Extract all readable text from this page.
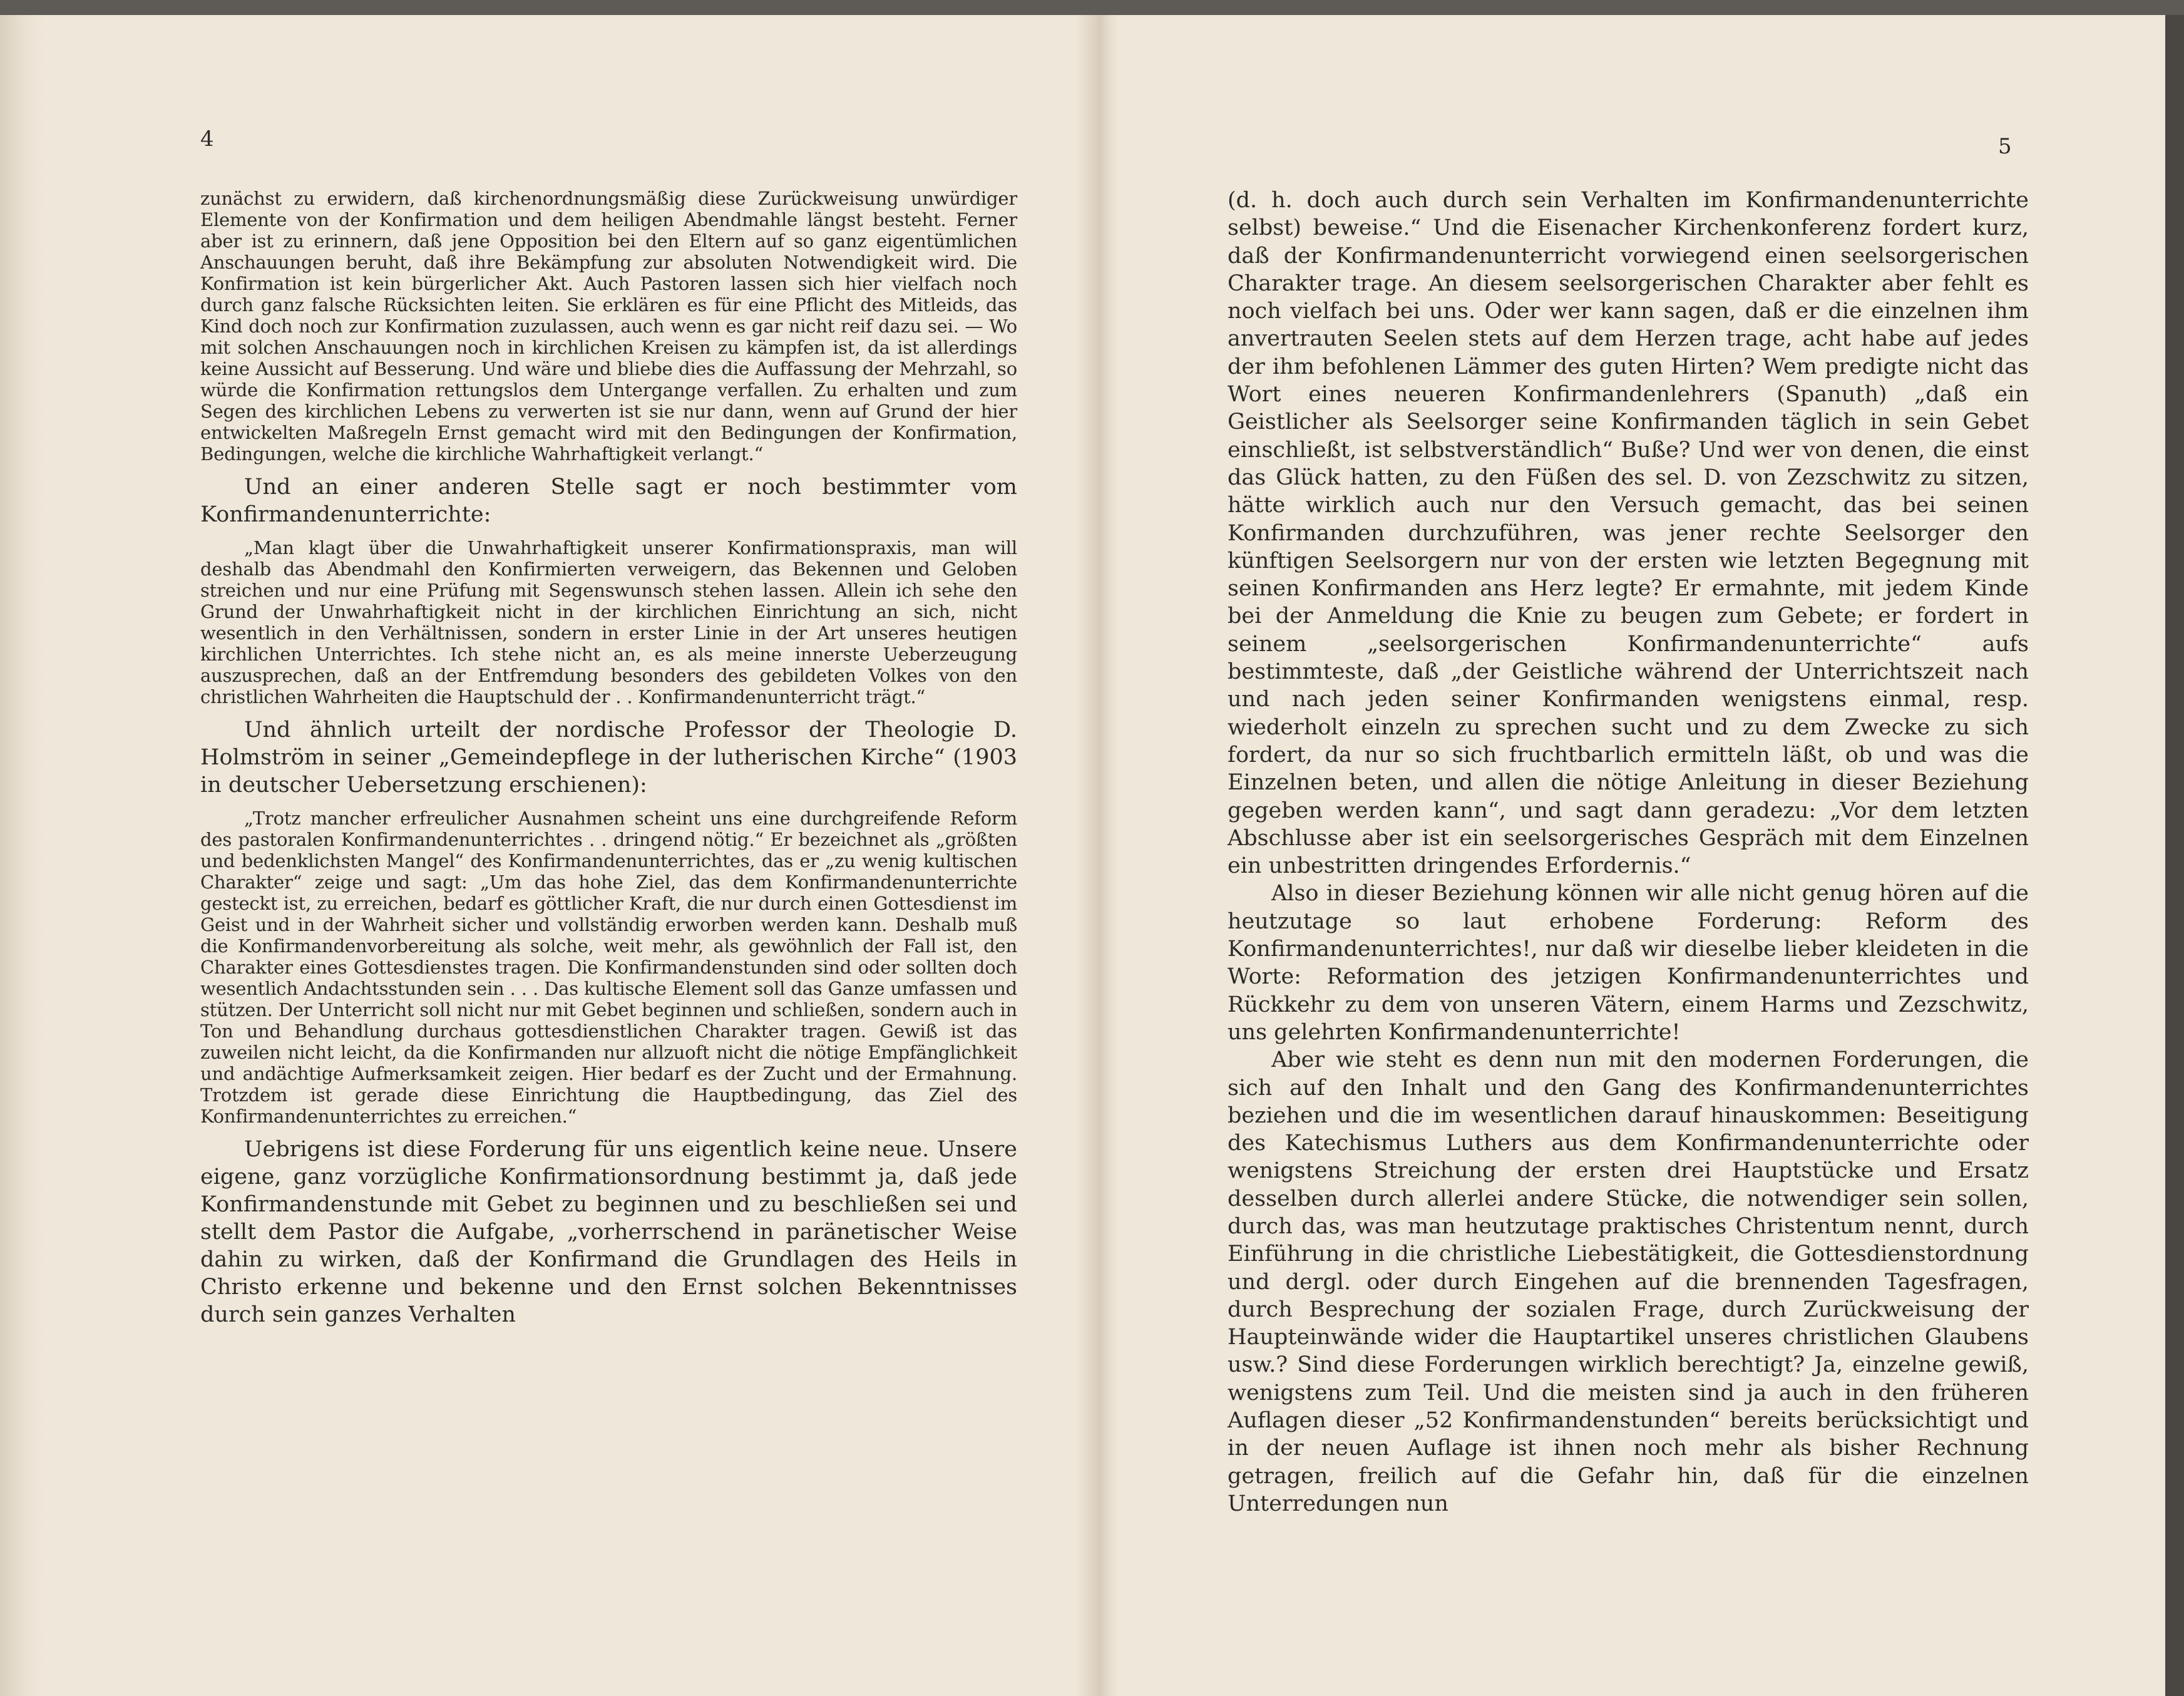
4

zunächst zu erwidern, daß kirchenordnungsmäßig diese Zurückweisung unwürdiger Elemente von der Konfirmation und dem heiligen Abendmahle längst besteht. Ferner aber ist zu erinnern, daß jene Opposition bei den Eltern auf so ganz eigentümlichen Anschauungen beruht, daß ihre Bekämpfung zur absoluten Notwendigkeit wird. Die Konfirmation ist kein bürgerlicher Akt. Auch Pastoren lassen sich hier vielfach noch durch ganz falsche Rücksichten leiten. Sie erklären es für eine Pflicht des Mitleids, das Kind doch noch zur Konfirmation zuzulassen, auch wenn es gar nicht reif dazu sei. — Wo mit solchen Anschauungen noch in kirchlichen Kreisen zu kämpfen ist, da ist allerdings keine Aussicht auf Besserung. Und wäre und bliebe dies die Auffassung der Mehrzahl, so würde die Konfirmation rettungslos dem Untergange verfallen. Zu erhalten und zum Segen des kirchlichen Lebens zu verwerten ist sie nur dann, wenn auf Grund der hier entwickelten Maßregeln Ernst gemacht wird mit den Bedingungen der Konfirmation, Bedingungen, welche die kirchliche Wahrhaftigkeit verlangt.“

Und an einer anderen Stelle sagt er noch bestimmter vom Konfirmandenunterrichte:

„Man klagt über die Unwahrhaftigkeit unserer Konfirmationspraxis, man will deshalb das Abendmahl den Konfirmierten verweigern, das Bekennen und Geloben streichen und nur eine Prüfung mit Segenswunsch stehen lassen. Allein ich sehe den Grund der Unwahrhaftigkeit nicht in der kirchlichen Einrichtung an sich, nicht wesentlich in den Verhältnissen, sondern in erster Linie in der Art unseres heutigen kirchlichen Unterrichtes. Ich stehe nicht an, es als meine innerste Ueberzeugung auszusprechen, daß an der Entfremdung besonders des gebildeten Volkes von den christlichen Wahrheiten die Hauptschuld der . . Konfirmandenunterricht trägt.“

Und ähnlich urteilt der nordische Professor der Theologie D. Holmström in seiner „Gemeindepflege in der lutherischen Kirche“ (1903 in deutscher Uebersetzung erschienen):

„Trotz mancher erfreulicher Ausnahmen scheint uns eine durchgreifende Reform des pastoralen Konfirmandenunterrichtes . . dringend nötig.“ Er bezeichnet als „größten und bedenklichsten Mangel“ des Konfirmandenunterrichtes, das er „zu wenig kultischen Charakter“ zeige und sagt: „Um das hohe Ziel, das dem Konfirmandenunterrichte gesteckt ist, zu erreichen, bedarf es göttlicher Kraft, die nur durch einen Gottesdienst im Geist und in der Wahrheit sicher und vollständig erworben werden kann. Deshalb muß die Konfirmandenvorbereitung als solche, weit mehr, als gewöhnlich der Fall ist, den Charakter eines Gottesdienstes tragen. Die Konfirmandenstunden sind oder sollten doch wesentlich Andachtsstunden sein . . . Das kultische Element soll das Ganze umfassen und stützen. Der Unterricht soll nicht nur mit Gebet beginnen und schließen, sondern auch in Ton und Behandlung durchaus gottesdienstlichen Charakter tragen. Gewiß ist das zuweilen nicht leicht, da die Konfirmanden nur allzuoft nicht die nötige Empfänglichkeit und andächtige Aufmerksamkeit zeigen. Hier bedarf es der Zucht und der Ermahnung. Trotzdem ist gerade diese Einrichtung die Hauptbedingung, das Ziel des Konfirmandenunterrichtes zu erreichen.“

Uebrigens ist diese Forderung für uns eigentlich keine neue. Unsere eigene, ganz vorzügliche Konfirmationsordnung bestimmt ja, daß jede Konfirmandenstunde mit Gebet zu beginnen und zu beschließen sei und stellt dem Pastor die Aufgabe, „vorherrschend in paränetischer Weise dahin zu wirken, daß der Konfirmand die Grundlagen des Heils in Christo erkenne und bekenne und den Ernst solchen Bekenntnisses durch sein ganzes Verhalten

5

(d. h. doch auch durch sein Verhalten im Konfirmandenunterrichte selbst) beweise.“ Und die Eisenacher Kirchenkonferenz fordert kurz, daß der Konfirmandenunterricht vorwiegend einen seelsorgerischen Charakter trage. An diesem seelsorgerischen Charakter aber fehlt es noch vielfach bei uns. Oder wer kann sagen, daß er die einzelnen ihm anvertrauten Seelen stets auf dem Herzen trage, acht habe auf jedes der ihm befohlenen Lämmer des guten Hirten? Wem predigte nicht das Wort eines neueren Konfirmandenlehrers (Spanuth) „daß ein Geistlicher als Seelsorger seine Konfirmanden täglich in sein Gebet einschließt, ist selbstverständlich“ Buße? Und wer von denen, die einst das Glück hatten, zu den Füßen des sel. D. von Zezschwitz zu sitzen, hätte wirklich auch nur den Versuch gemacht, das bei seinen Konfirmanden durchzuführen, was jener rechte Seelsorger den künftigen Seelsorgern nur von der ersten wie letzten Begegnung mit seinen Konfirmanden ans Herz legte? Er ermahnte, mit jedem Kinde bei der Anmeldung die Knie zu beugen zum Gebete; er fordert in seinem „seelsorgerischen Konfirmandenunterrichte“ aufs bestimmteste, daß „der Geistliche während der Unterrichtszeit nach und nach jeden seiner Konfirmanden wenigstens einmal, resp. wiederholt einzeln zu sprechen sucht und zu dem Zwecke zu sich fordert, da nur so sich fruchtbarlich ermitteln läßt, ob und was die Einzelnen beten, und allen die nötige Anleitung in dieser Beziehung gegeben werden kann“, und sagt dann geradezu: „Vor dem letzten Abschlusse aber ist ein seelsorgerisches Gespräch mit dem Einzelnen ein unbestritten dringendes Erfordernis.“

Also in dieser Beziehung können wir alle nicht genug hören auf die heutzutage so laut erhobene Forderung: Reform des Konfirmandenunterrichtes!, nur daß wir dieselbe lieber kleideten in die Worte: Reformation des jetzigen Konfirmandenunterrichtes und Rückkehr zu dem von unseren Vätern, einem Harms und Zezschwitz, uns gelehrten Konfirmandenunterrichte!

Aber wie steht es denn nun mit den modernen Forderungen, die sich auf den Inhalt und den Gang des Konfirmandenunterrichtes beziehen und die im wesentlichen darauf hinauskommen: Beseitigung des Katechismus Luthers aus dem Konfirmandenunterrichte oder wenigstens Streichung der ersten drei Hauptstücke und Ersatz desselben durch allerlei andere Stücke, die notwendiger sein sollen, durch das, was man heutzutage praktisches Christentum nennt, durch Einführung in die christliche Liebestätigkeit, die Gottesdienstordnung und dergl. oder durch Eingehen auf die brennenden Tagesfragen, durch Besprechung der sozialen Frage, durch Zurückweisung der Haupteinwände wider die Hauptartikel unseres christlichen Glaubens usw.? Sind diese Forderungen wirklich berechtigt? Ja, einzelne gewiß, wenigstens zum Teil. Und die meisten sind ja auch in den früheren Auflagen dieser „52 Konfirmandenstunden“ bereits berücksichtigt und in der neuen Auflage ist ihnen noch mehr als bisher Rechnung getragen, freilich auf die Gefahr hin, daß für die einzelnen Unterredungen nun
